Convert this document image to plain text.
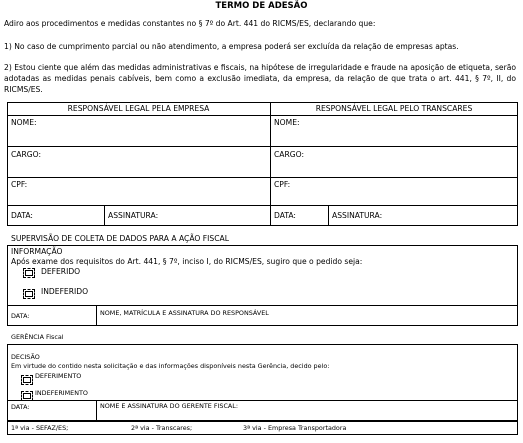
TERMO DE ADESÃO
Adiro aos procedimentos e medidas constantes no § 7º do Art. 441 do RICMS/ES, declarando que:
1) No caso de cumprimento parcial ou não atendimento, a empresa poderá ser excluída da relação de empresas aptas.
2) Estou ciente que além das medidas administrativas e fiscais, na hipótese de irregularidade e fraude na aposição de etiqueta, serão adotadas as medidas penais cabíveis, bem como a exclusão imediata, da empresa, da relação de que trata o art. 441, § 7º, II, do RICMS/ES.
RESPONSÁVEL LEGAL PELA EMPRESA	RESPONSÁVEL LEGAL PELO TRANSCARES
NOME:	NOME:
CARGO:	CARGO:
CPF:	CPF:
DATA:	ASSINATURA:	DATA:	ASSINATURA:
SUPERVISÃO DE COLETA DE DADOS PARA A AÇÃO FISCAL
INFORMAÇÃO
Após exame dos requisitos do Art. 441, § 7º, inciso I, do RICMS/ES, sugiro que o pedido seja:
DEFERIDO
INDEFERIDO
DATA:	NOME, MATRÍCULA E ASSINATURA DO RESPONSÁVEL
GERÊNCIA Fiscal
DECISÃO
Em virtude do contido nesta solicitação e das informações disponíveis nesta Gerência, decido pelo:
DEFERIMENTO
INDEFERIMENTO
DATA:	NOME E ASSINATURA DO GERENTE FISCAL:
1ª via - SEFAZ/ES;	2ª via - Transcares;	3ª via - Empresa Transportadora
